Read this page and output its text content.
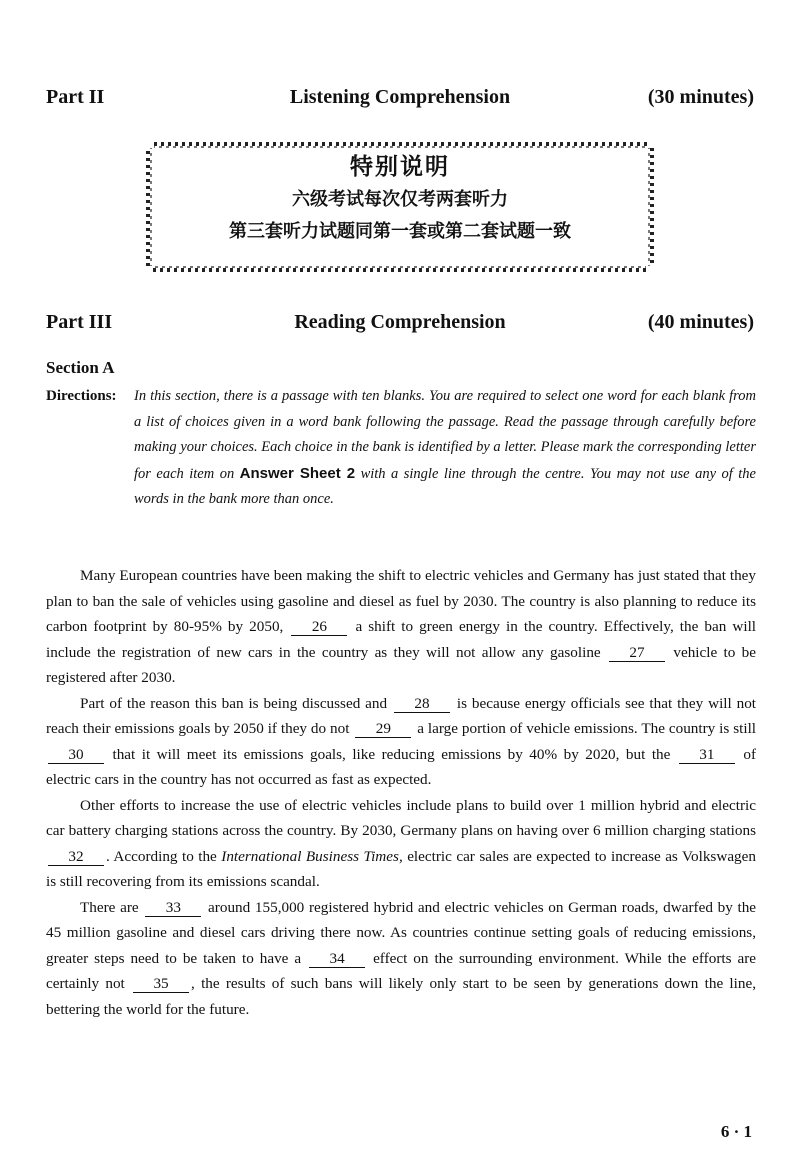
Part II	Listening Comprehension	(30 minutes)
特别说明
六级考试每次仅考两套听力
第三套听力试题同第一套或第二套试题一致
Part III	Reading Comprehension	(40 minutes)
Section A
Directions: In this section, there is a passage with ten blanks. You are required to select one word for each blank from a list of choices given in a word bank following the passage. Read the passage through carefully before making your choices. Each choice in the bank is identified by a letter. Please mark the corresponding letter for each item on Answer Sheet 2 with a single line through the centre. You may not use any of the words in the bank more than once.

Many European countries have been making the shift to electric vehicles and Germany has just stated that they plan to ban the sale of vehicles using gasoline and diesel as fuel by 2030. The country is also planning to reduce its carbon footprint by 80-95% by 2050, 26 a shift to green energy in the country. Effectively, the ban will include the registration of new cars in the country as they will not allow any gasoline 27 vehicle to be registered after 2030.

Part of the reason this ban is being discussed and 28 is because energy officials see that they will not reach their emissions goals by 2050 if they do not 29 a large portion of vehicle emissions. The country is still 30 that it will meet its emissions goals, like reducing emissions by 40% by 2020, but the 31 of electric cars in the country has not occurred as fast as expected.

Other efforts to increase the use of electric vehicles include plans to build over 1 million hybrid and electric car battery charging stations across the country. By 2030, Germany plans on having over 6 million charging stations 32 . According to the International Business Times, electric car sales are expected to increase as Volkswagen is still recovering from its emissions scandal.

There are 33 around 155,000 registered hybrid and electric vehicles on German roads, dwarfed by the 45 million gasoline and diesel cars driving there now. As countries continue setting goals of reducing emissions, greater steps need to be taken to have a 34 effect on the surrounding environment. While the efforts are certainly not 35 , the results of such bans will likely only start to be seen by generations down the line, bettering the world for the future.

6 · 1
